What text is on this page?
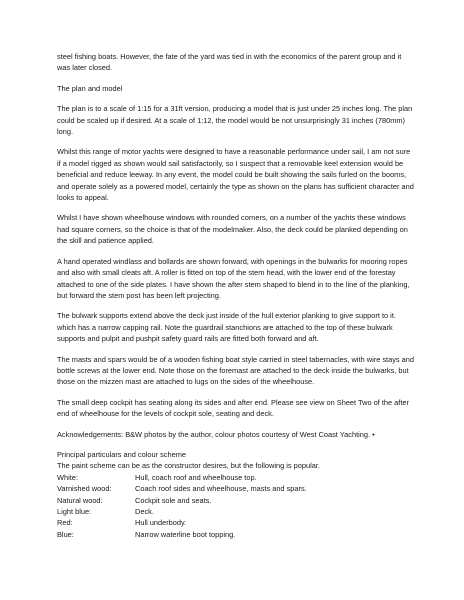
steel fishing boats. However, the fate of the yard was tied in with the economics of the parent group and it was later closed.

The plan and model

The plan is to a scale of 1:15 for a 31ft version, producing a model that is just under 25 inches long. The plan could be scaled up if desired. At a scale of 1:12, the model would be not unsurprisingly 31 inches (780mm) long.

Whilst this range of motor yachts were designed to have a reasonable performance under sail, I am not sure if a model rigged as shown would sail satisfactorily, so I suspect that a removable keel extension would be beneficial and reduce leeway. In any event, the model could be built showing the sails furled on the booms, and operate solely as a powered model, certainly the type as shown on the plans has sufficient character and looks to appeal.

Whilst I have shown wheelhouse windows with rounded corners, on a number of the yachts these windows had square corners, so the choice is that of the modelmaker. Also, the deck could be planked depending on the skill and patience applied.

A hand operated windlass and bollards are shown forward, with openings in the bulwarks for mooring ropes and also with small cleats aft. A roller is fitted on top of the stem head, with the lower end of the forestay attached to one of the side plates. I have shown the after stem shaped to blend in to the line of the planking, but forward the stem post has been left projecting.

The bulwark supports extend above the deck just inside of the hull exterior planking to give support to it. which has a narrow capping rail. Note the guardrail stanchions are attached to the top of these bulwark supports and pulpit and pushpit safety guard rails are fitted both forward and aft.

The masts and spars would be of a wooden fishing boat style carried in steel tabernacles, with wire stays and bottle screws at the lower end. Note those on the foremast are attached to the deck inside the bulwarks, but those on the mizzen mast are attached to lugs on the sides of the wheelhouse.

The small deep cockpit has seating along its sides and after end. Please see view on Sheet Two of the after end of wheelhouse for the levels of cockpit sole, seating and deck.

Acknowledgements: B&W photos by the author, colour photos courtesy of West Coast Yachting. •

Principal particulars and colour scheme

The paint scheme can be as the constructor desires, but the following is popular.

White:	Hull, coach roof and wheelhouse top.
Varnished wood:	Coach roof sides and wheelhouse, masts and spars.
Natural wood:	Cockpit sole and seats.
Light blue:	Deck.
Red:	Hull underbody.
Blue:	Narrow waterline boot topping.
